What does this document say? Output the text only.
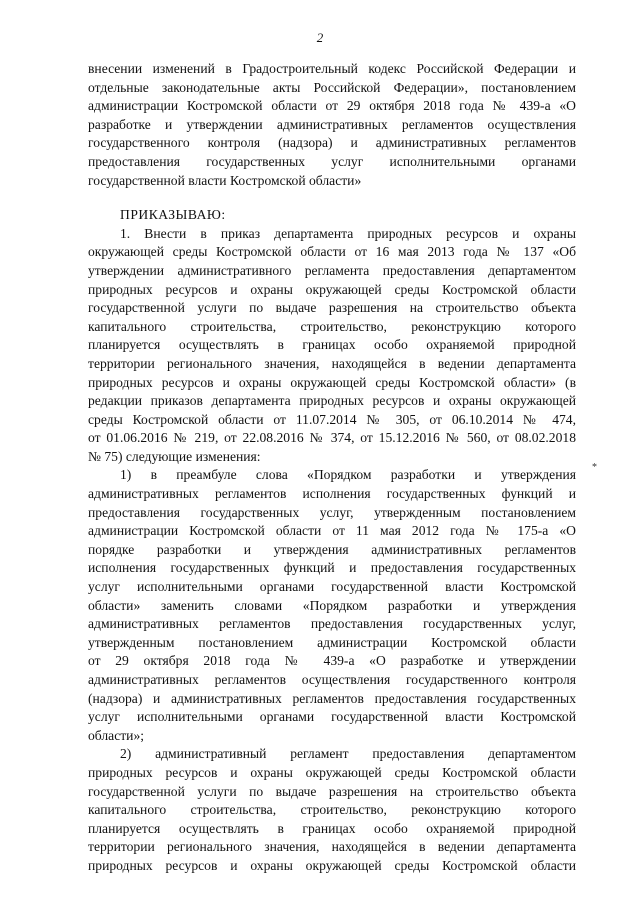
2
*
внесении изменений в Градостроительный кодекс Российской Федерации и
отдельные законодательные акты Российской Федерации», постановлением
администрации Костромской области от 29 октября 2018 года № 439-а «О
разработке и утверждении административных регламентов осуществления
государственного контроля (надзора) и административных регламентов
предоставления государственных услуг исполнительными органами
государственной власти Костромской области»
ПРИКАЗЫВАЮ:
1. Внести в приказ департамента природных ресурсов и охраны
окружающей среды Костромской области от 16 мая 2013 года № 137 «Об
утверждении административного регламента предоставления департаментом
природных ресурсов и охраны окружающей среды Костромской области
государственной услуги по выдаче разрешения на строительство объекта
капитального строительства, строительство, реконструкцию которого
планируется осуществлять в границах особо охраняемой природной
территории регионального значения, находящейся в ведении департамента
природных ресурсов и охраны окружающей среды Костромской области» (в
редакции приказов департамента природных ресурсов и охраны окружающей
среды Костромской области от 11.07.2014 № 305, от 06.10.2014 № 474,
от 01.06.2016 № 219, от 22.08.2016 № 374, от 15.12.2016 № 560, от 08.02.2018
№ 75) следующие изменения:
1) в преамбуле слова «Порядком разработки и утверждения
административных регламентов исполнения государственных функций и
предоставления государственных услуг, утвержденным постановлением
администрации Костромской области от 11 мая 2012 года № 175-а «О
порядке разработки и утверждения административных регламентов
исполнения государственных функций и предоставления государственных
услуг исполнительными органами государственной власти Костромской
области» заменить словами «Порядком разработки и утверждения
административных регламентов предоставления государственных услуг,
утвержденным постановлением администрации Костромской области
от 29 октября 2018 года № 439-а «О разработке и утверждении
административных регламентов осуществления государственного контроля
(надзора) и административных регламентов предоставления государственных
услуг исполнительными органами государственной власти Костромской
области»;
2) административный регламент предоставления департаментом
природных ресурсов и охраны окружающей среды Костромской области
государственной услуги по выдаче разрешения на строительство объекта
капитального строительства, строительство, реконструкцию которого
планируется осуществлять в границах особо охраняемой природной
территории регионального значения, находящейся в ведении департамента
природных ресурсов и охраны окружающей среды Костромской области
